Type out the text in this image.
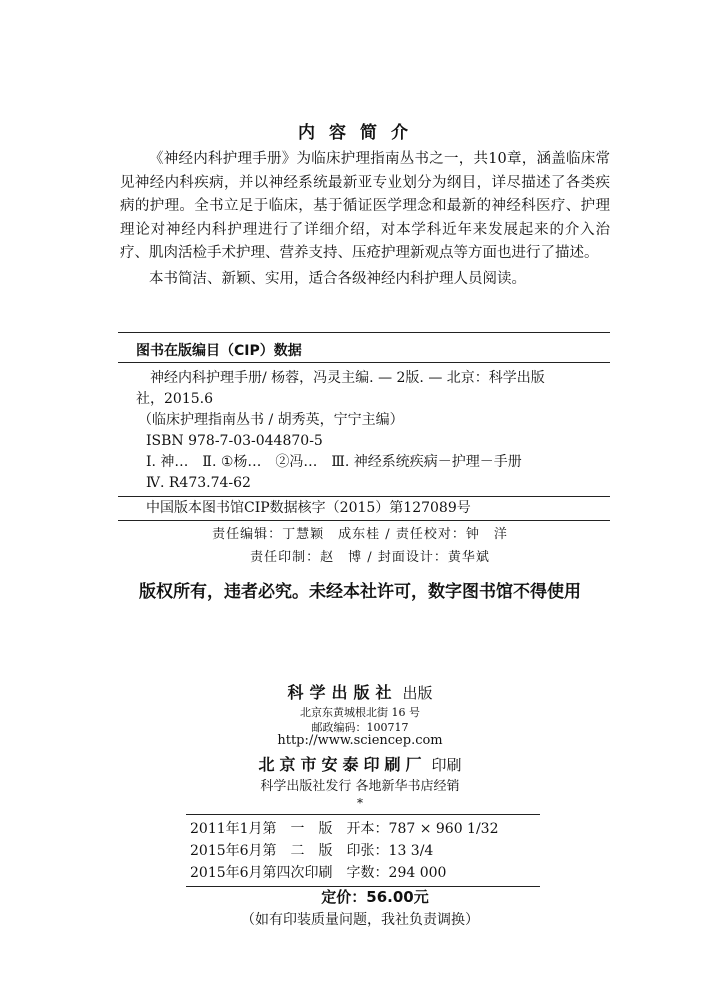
内容简介

《神经内科护理手册》为临床护理指南丛书之一，共10章，涵盖临床常见神经内科疾病，并以神经系统最新亚专业划分为纲目，详尽描述了各类疾病的护理。全书立足于临床，基于循证医学理念和最新的神经科医疗、护理理论对神经内科护理进行了详细介绍，对本学科近年来发展起来的介入治疗、肌肉活检手术护理、营养支持、压疮护理新观点等方面也进行了描述。

本书简洁、新颖、实用，适合各级神经内科护理人员阅读。

图书在版编目（CIP）数据
神经内科护理手册/ 杨蓉，冯灵主编. — 2版. — 北京：科学出版
社，2015.6
（临床护理指南丛书 / 胡秀英，宁宁主编）
ISBN 978-7-03-044870-5
Ⅰ. 神…　Ⅱ. ①杨…　②冯…　Ⅲ. 神经系统疾病－护理－手册
Ⅳ. R473.74-62
中国版本图书馆CIP数据核字（2015）第127089号
责任编辑：丁慧颖　成东桂 / 责任校对：钟　洋
责任印制：赵　博 / 封面设计：黄华斌
版权所有，违者必究。未经本社许可，数字图书馆不得使用
科学出版社 出版
北京东黄城根北街 16 号
邮政编码：100717
http://www.sciencep.com
北京市安泰印刷厂 印刷
科学出版社发行 各地新华书店经销
*
2011年1月第　一　版　开本：787 × 960 1/32
2015年6月第　二　版　印张：13 3/4
2015年6月第四次印刷　字数：294 000
定价：56.00元
（如有印装质量问题，我社负责调换）
